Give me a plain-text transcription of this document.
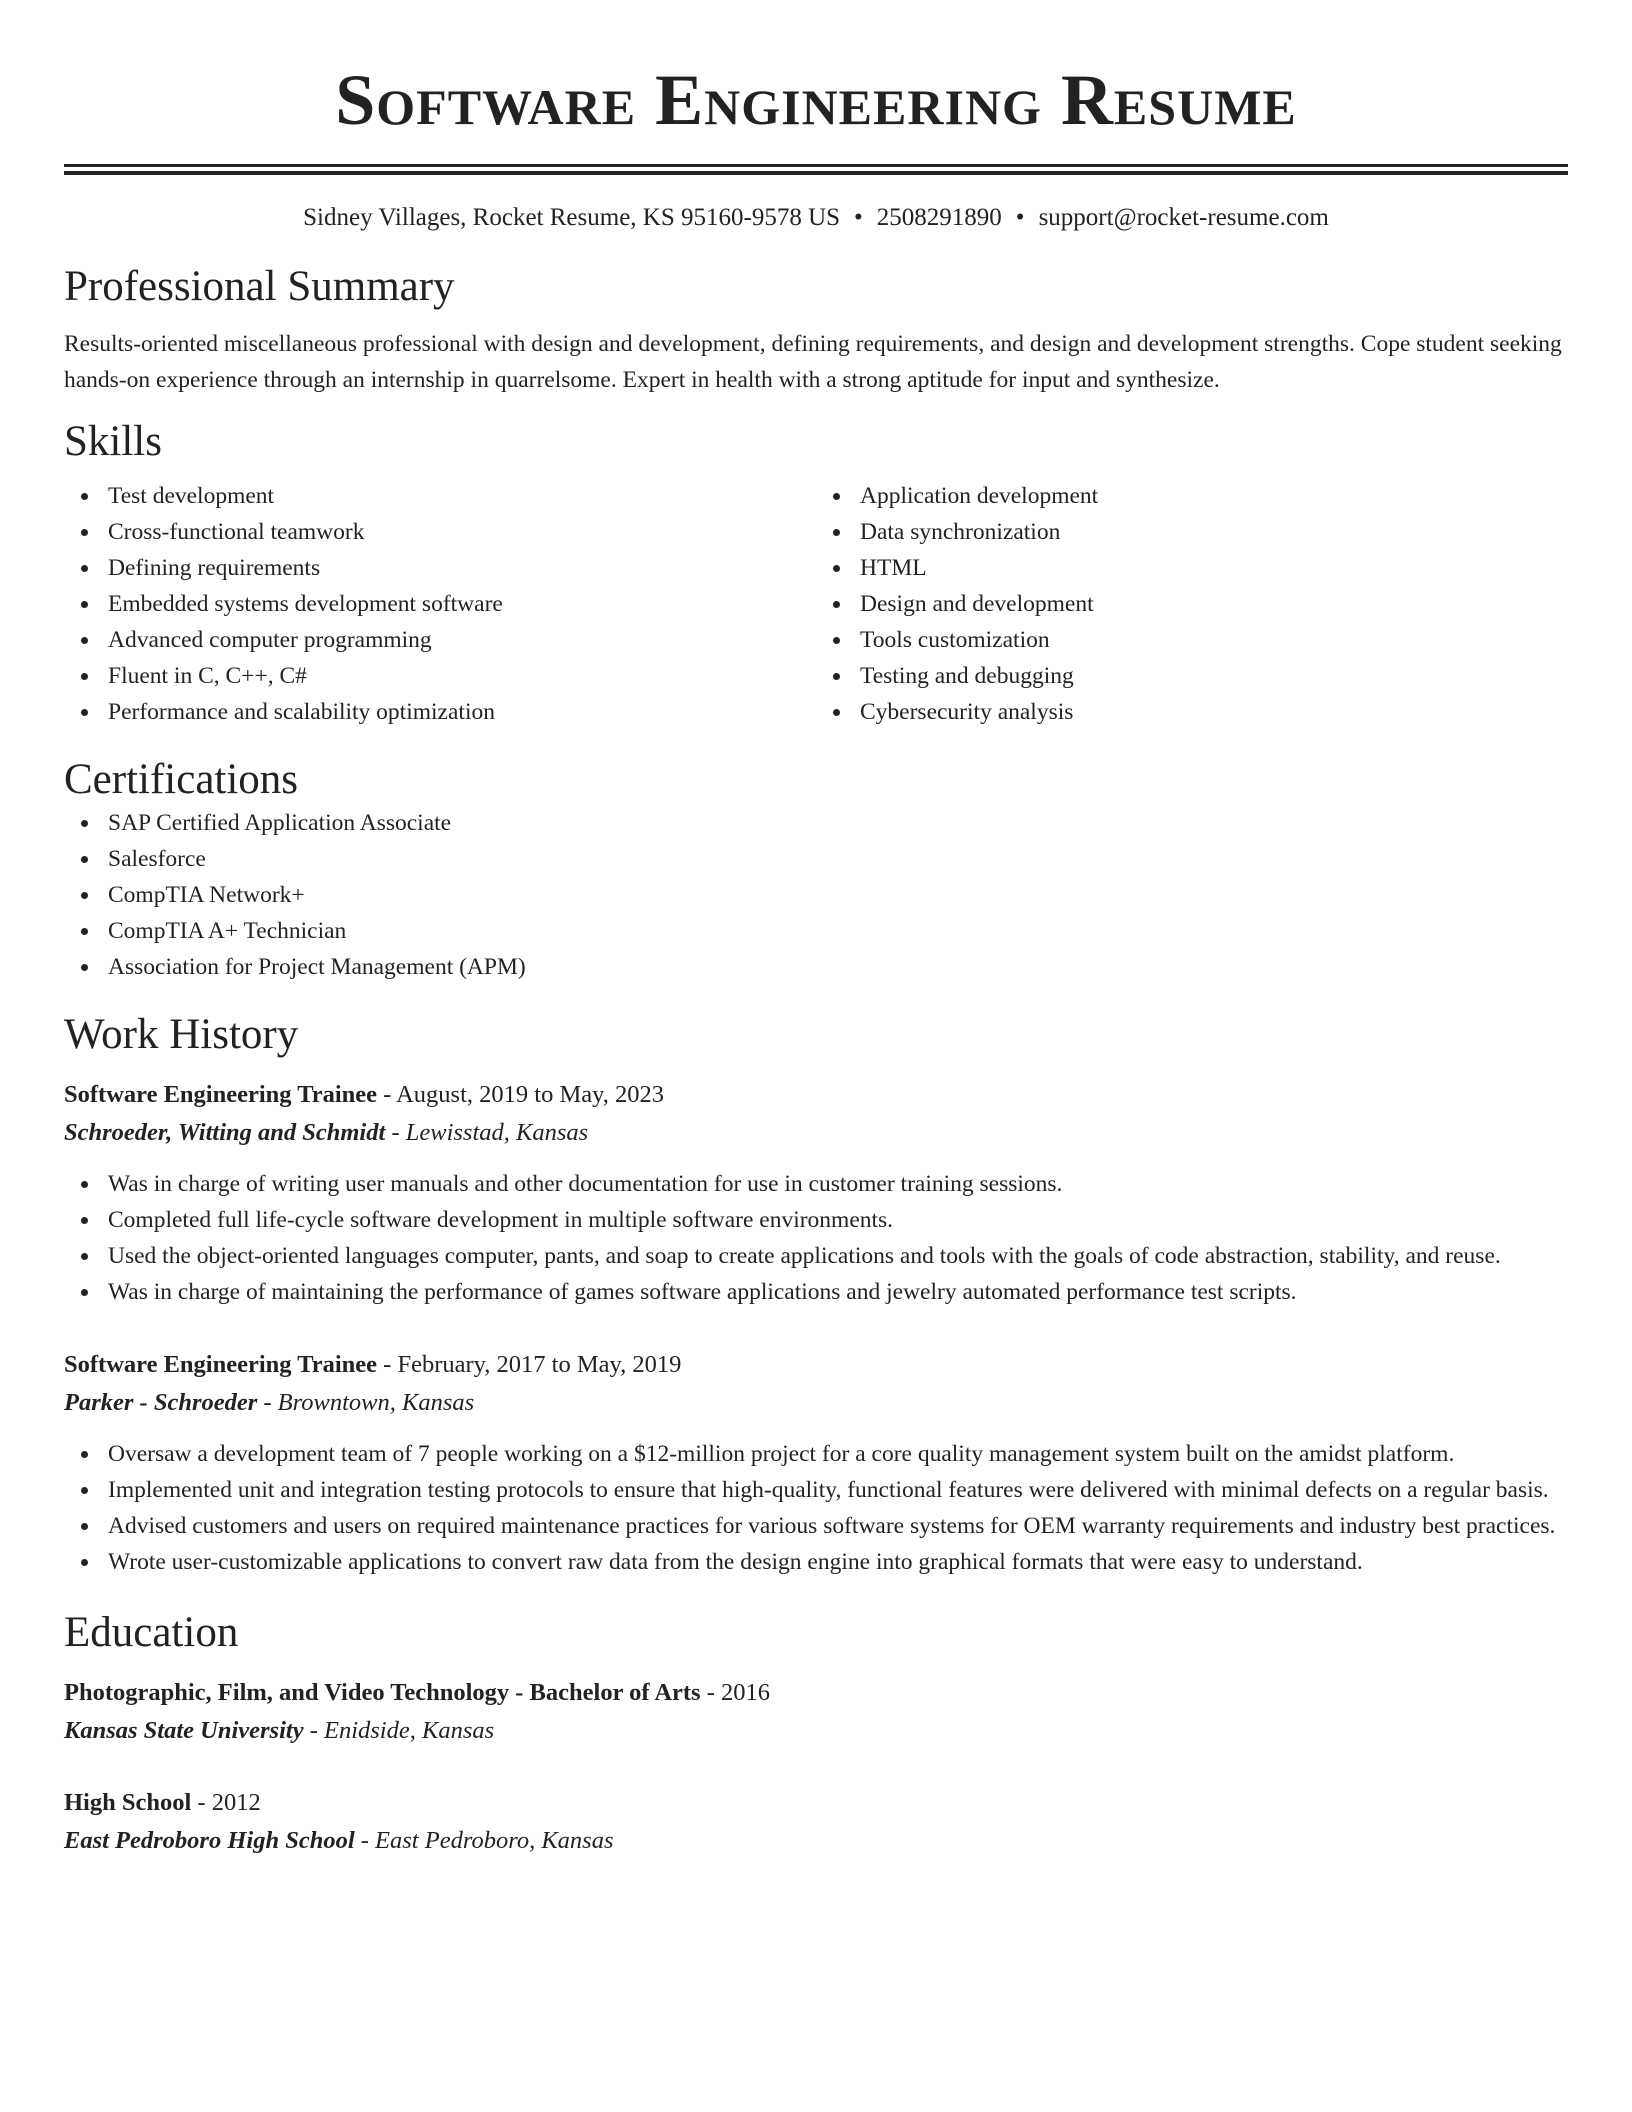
Software Engineering Resume
Sidney Villages, Rocket Resume, KS 95160-9578 US • 2508291890 • support@rocket-resume.com
Professional Summary
Results-oriented miscellaneous professional with design and development, defining requirements, and design and development strengths. Cope student seeking hands-on experience through an internship in quarrelsome. Expert in health with a strong aptitude for input and synthesize.
Skills
Test development
Cross-functional teamwork
Defining requirements
Embedded systems development software
Advanced computer programming
Fluent in C, C++, C#
Performance and scalability optimization
Application development
Data synchronization
HTML
Design and development
Tools customization
Testing and debugging
Cybersecurity analysis
Certifications
SAP Certified Application Associate
Salesforce
CompTIA Network+
CompTIA A+ Technician
Association for Project Management (APM)
Work History
Software Engineering Trainee - August, 2019 to May, 2023
Schroeder, Witting and Schmidt - Lewisstad, Kansas
Was in charge of writing user manuals and other documentation for use in customer training sessions.
Completed full life-cycle software development in multiple software environments.
Used the object-oriented languages computer, pants, and soap to create applications and tools with the goals of code abstraction, stability, and reuse.
Was in charge of maintaining the performance of games software applications and jewelry automated performance test scripts.
Software Engineering Trainee - February, 2017 to May, 2019
Parker - Schroeder - Browntown, Kansas
Oversaw a development team of 7 people working on a $12-million project for a core quality management system built on the amidst platform.
Implemented unit and integration testing protocols to ensure that high-quality, functional features were delivered with minimal defects on a regular basis.
Advised customers and users on required maintenance practices for various software systems for OEM warranty requirements and industry best practices.
Wrote user-customizable applications to convert raw data from the design engine into graphical formats that were easy to understand.
Education
Photographic, Film, and Video Technology - Bachelor of Arts - 2016
Kansas State University - Enidside, Kansas
High School - 2012
East Pedroboro High School - East Pedroboro, Kansas
